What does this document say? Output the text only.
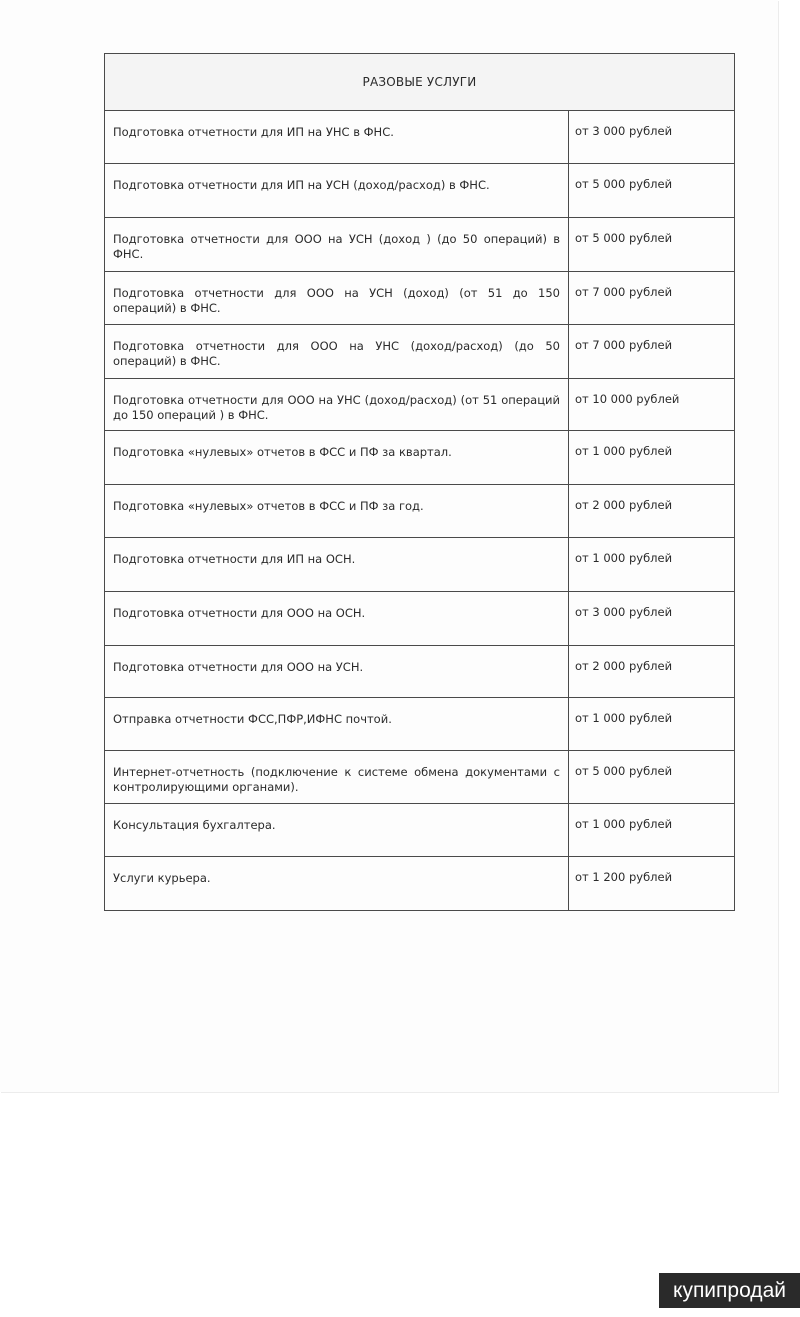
РАЗОВЫЕ УСЛУГИ	
Подготовка отчетности для ИП на УНС в ФНС.	от 3 000 рублей
Подготовка отчетности для ИП на УСН (доход/расход) в ФНС.	от 5 000 рублей
Подготовка отчетности для ООО на УСН (доход ) (до 50 операций) в ФНС.	от 5 000 рублей
Подготовка отчетности для ООО на УСН (доход) (от 51 до 150 операций) в ФНС.	от 7 000 рублей
Подготовка отчетности для ООО на УНС (доход/расход) (до 50 операций) в ФНС.	от 7 000 рублей
Подготовка отчетности для ООО на УНС (доход/расход) (от 51 операций до 150 операций ) в ФНС.	от 10 000 рублей
Подготовка «нулевых» отчетов в ФСС и ПФ за квартал.	от 1 000 рублей
Подготовка «нулевых» отчетов в ФСС и ПФ за год.	от 2 000 рублей
Подготовка отчетности для ИП на ОСН.	от 1 000 рублей
Подготовка отчетности для ООО на ОСН.	от 3 000 рублей
Подготовка отчетности для ООО на УСН.	от 2 000 рублей
Отправка отчетности ФСС,ПФР,ИФНС почтой.	от 1 000 рублей
Интернет-отчетность (подключение к системе обмена документами с контролирующими органами).	от 5 000 рублей
Консультация бухгалтера.	от 1 000 рублей
Услуги курьера.	от 1 200 рублей
купипродай
